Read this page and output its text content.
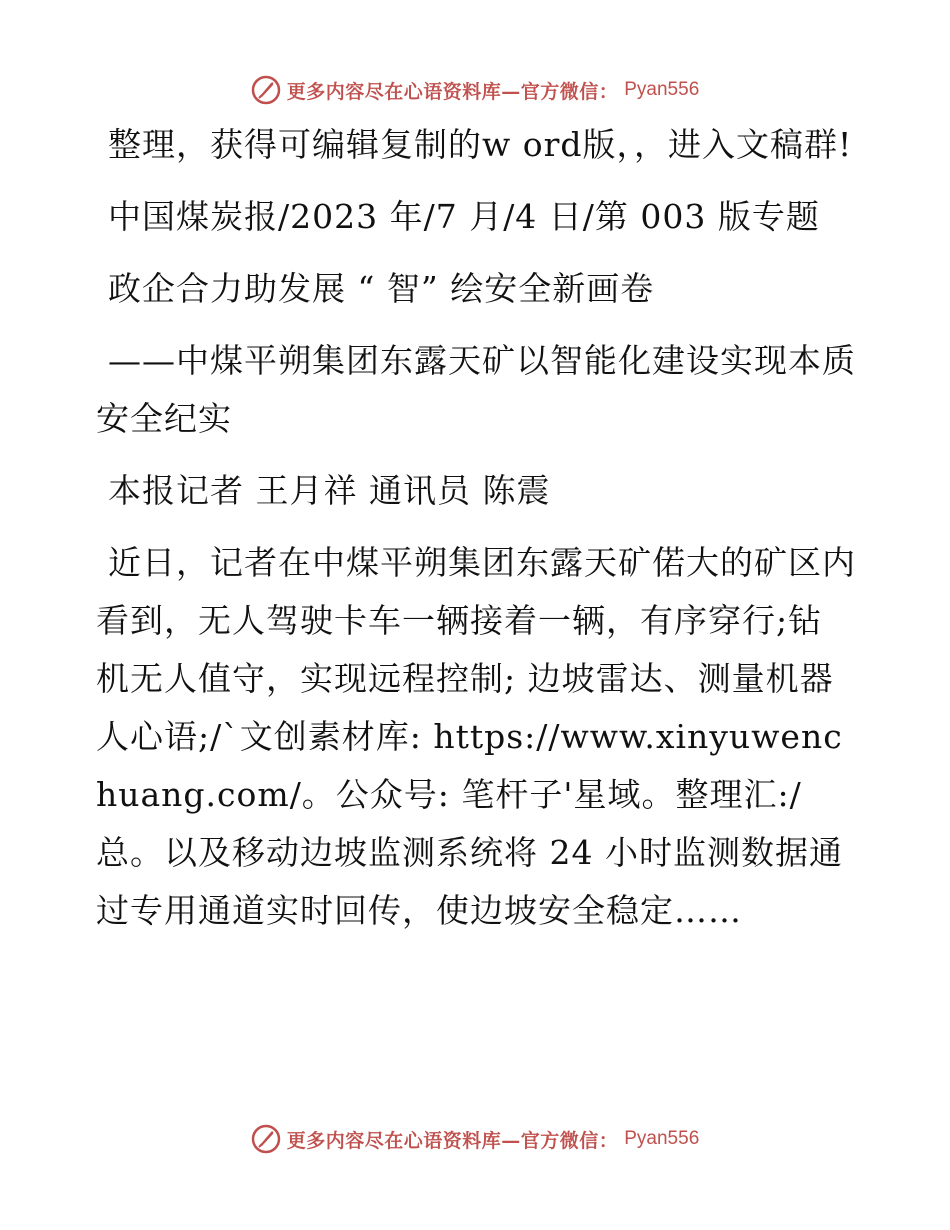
更多内容尽在心语资料库—官方微信： Pyan556

整理，获得可编辑复制的w ord版，，进入文稿群!

中国煤炭报/2023 年/7 月/4 日/第 003 版专题

政企合力助发展 “ 智” 绘安全新画卷

——中煤平朔集团东露天矿以智能化建设实现本质安全纪实

本报记者 王月祥 通讯员 陈震

近日，记者在中煤平朔集团东露天矿偌大的矿区内看到，无人驾驶卡车一辆接着一辆，有序穿行;钻机无人值守，实现远程控制; 边坡雷达、测量机器人心语;/`文创素材库: https://www.xinyuwenchuang.com/。公众号: 笔杆子'星域。整理汇:/总。以及移动边坡监测系统将 24 小时监测数据通过专用通道实时回传，使边坡安全稳定……

更多内容尽在心语资料库—官方微信： Pyan556
